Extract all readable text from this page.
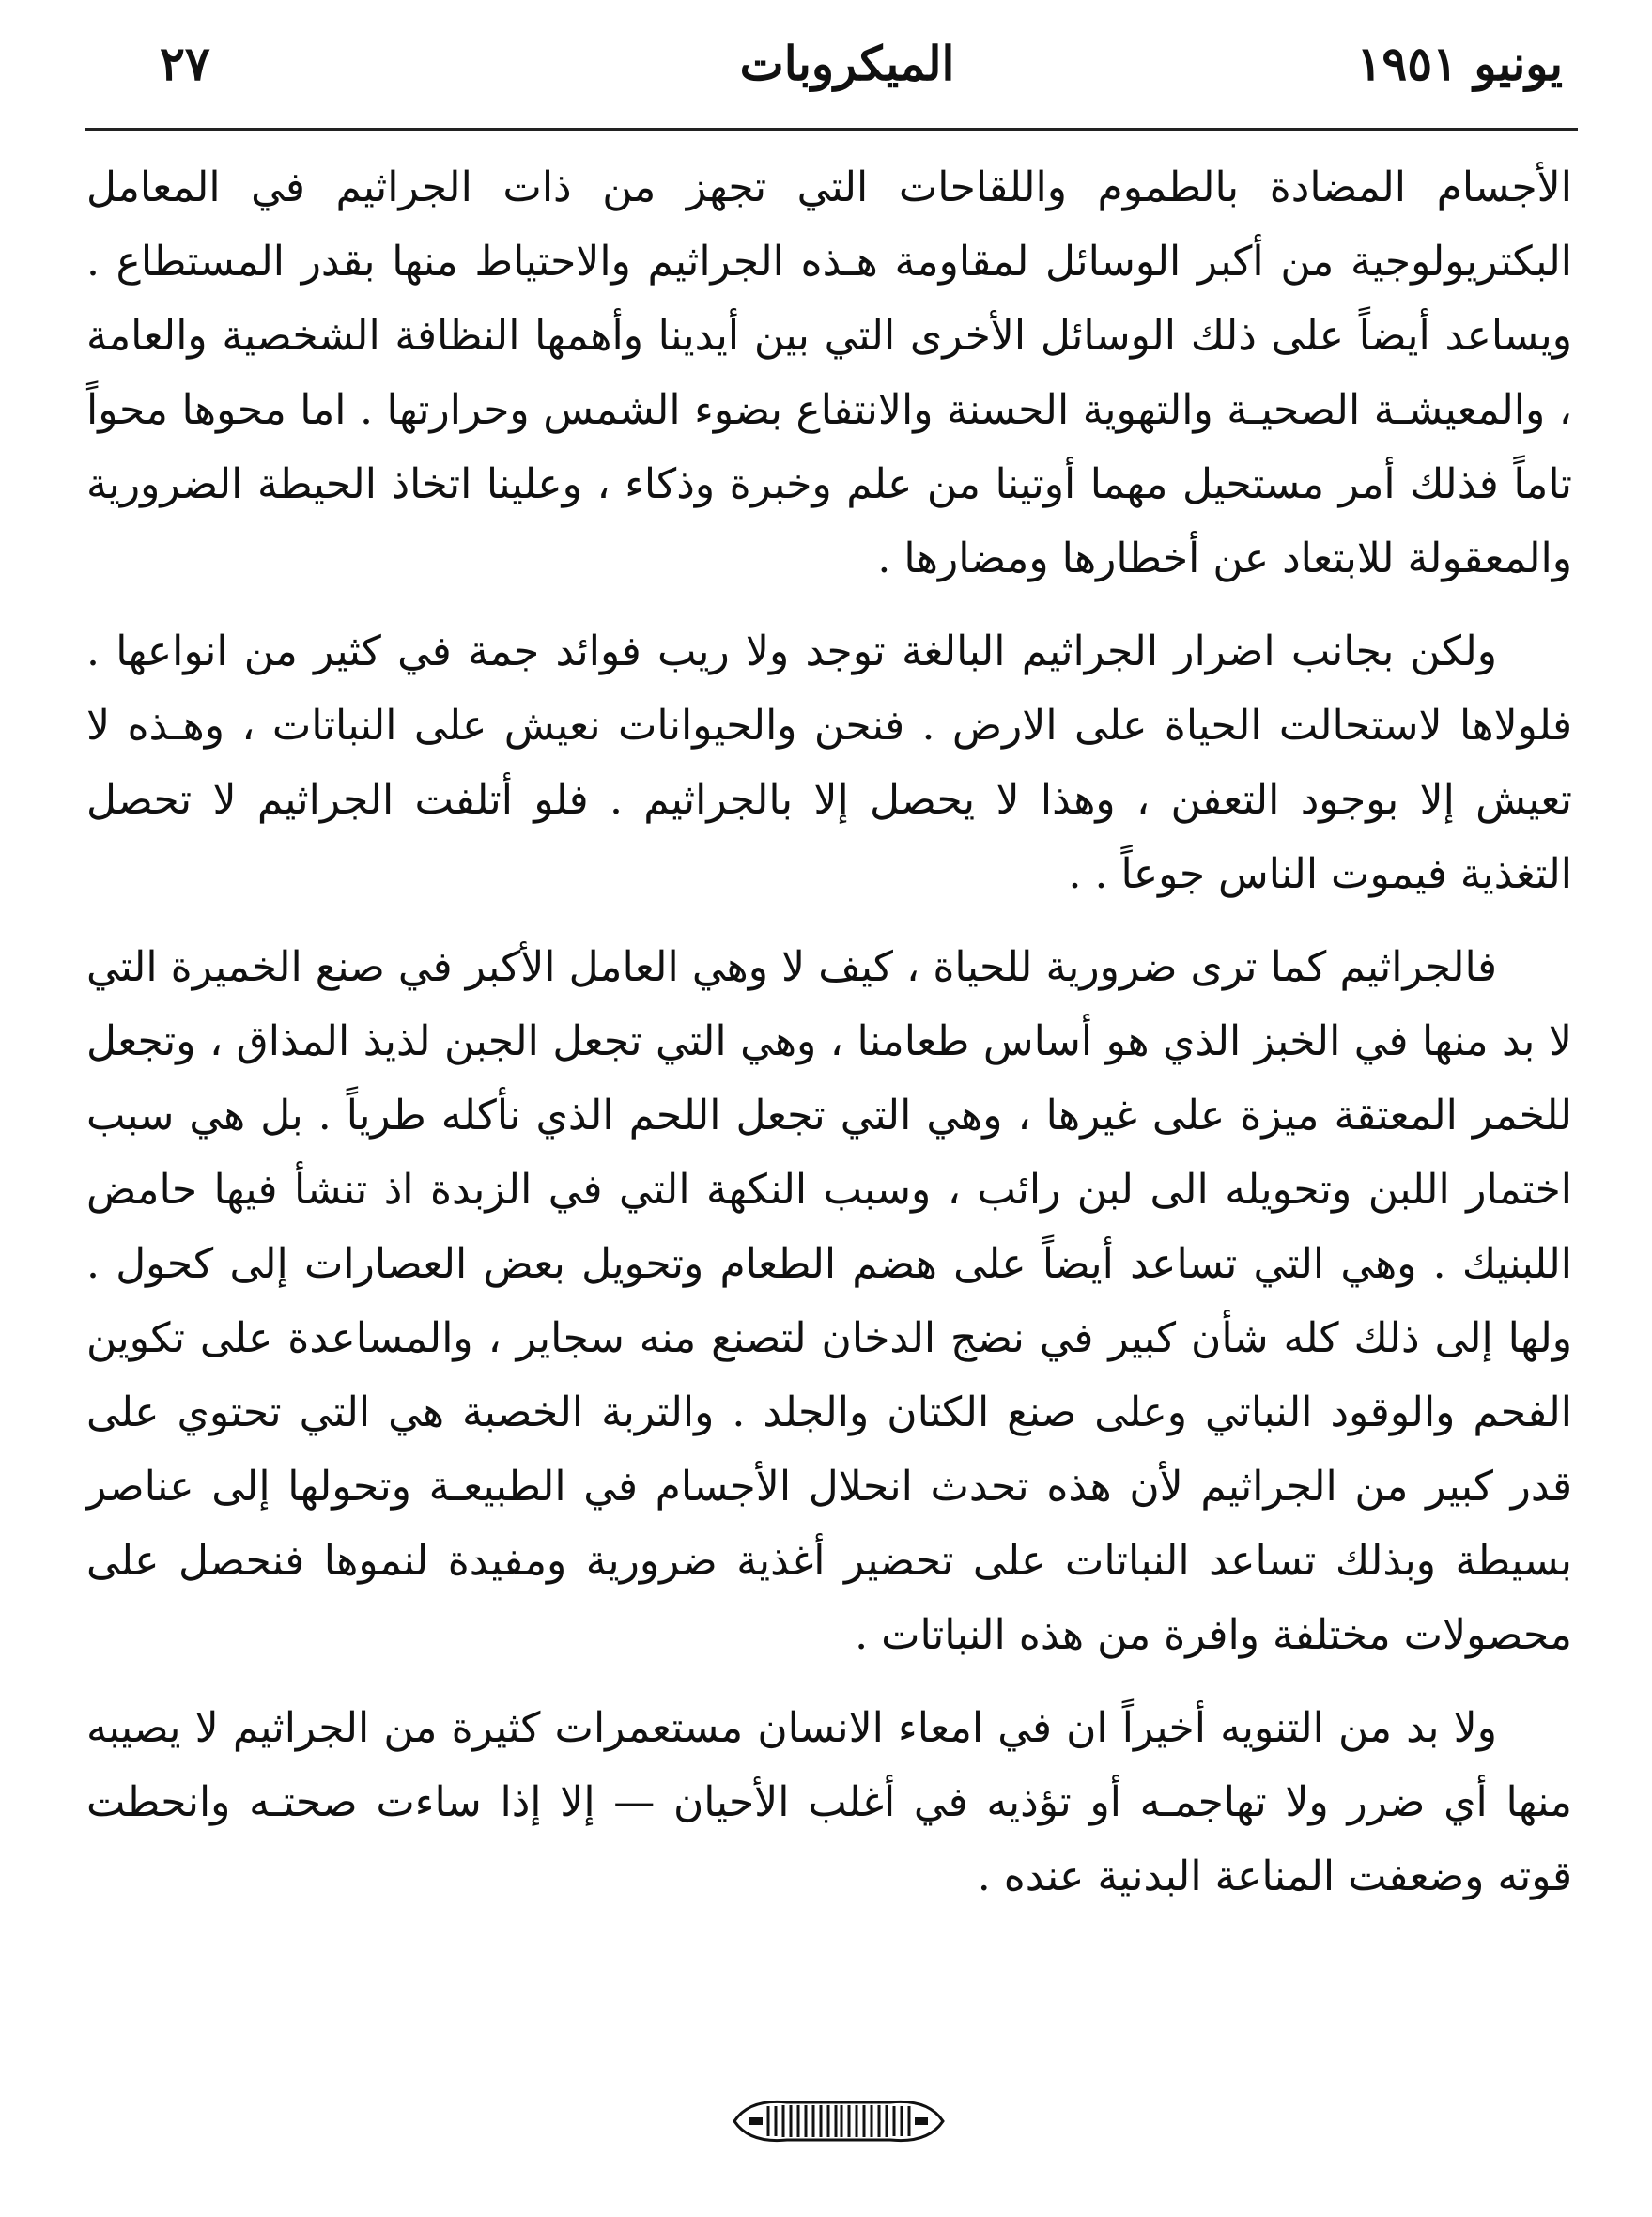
٢٧	الميكروبات	يونيو ١٩٥١

الأجسام المضادة بالطموم واللقاحات التي تجهز من ذات الجراثيم في المعامل البكتريولوجية من أكبر الوسائل لمقاومة هـذه الجراثيم والاحتياط منها بقدر المستطاع . ويساعد أيضاً على ذلك الوسائل الأخرى التي بين أيدينا وأهمها النظافة الشخصية والعامة ، والمعيشـة الصحيـة والتهوية الحسنة والانتفاع بضوء الشمس وحرارتها . اما محوها محواً تاماً فذلك أمر مستحيل مهما أوتينا من علم وخبرة وذكاء ، وعلينا اتخاذ الحيطة الضرورية والمعقولة للابتعاد عن أخطارها ومضارها .

ولكن بجانب اضرار الجراثيم البالغة توجد ولا ريب فوائد جمة في كثير من انواعها . فلولاها لاستحالت الحياة على الارض . فنحن والحيوانات نعيش على النباتات ، وهـذه لا تعيش إلا بوجود التعفن ، وهذا لا يحصل إلا بالجراثيم . فلو أتلفت الجراثيم لا تحصل التغذية فيموت الناس جوعاً . .

فالجراثيم كما ترى ضرورية للحياة ، كيف لا وهي العامل الأكبر في صنع الخميرة التي لا بد منها في الخبز الذي هو أساس طعامنا ، وهي التي تجعل الجبن لذيذ المذاق ، وتجعل للخمر المعتقة ميزة على غيرها ، وهي التي تجعل اللحم الذي نأكله طرياً . بل هي سبب اختمار اللبن وتحويله الى لبن رائب ، وسبب النكهة التي في الزبدة اذ تنشأ فيها حامض اللبنيك . وهي التي تساعد أيضاً على هضم الطعام وتحويل بعض العصارات إلى كحول . ولها إلى ذلك كله شأن كبير في نضج الدخان لتصنع منه سجاير ، والمساعدة على تكوين الفحم والوقود النباتي وعلى صنع الكتان والجلد . والتربة الخصبة هي التي تحتوي على قدر كبير من الجراثيم لأن هذه تحدث انحلال الأجسام في الطبيعـة وتحولها إلى عناصر بسيطة وبذلك تساعد النباتات على تحضير أغذية ضرورية ومفيدة لنموها فنحصل على محصولات مختلفة وافرة من هذه النباتات .

ولا بد من التنويه أخيراً ان في امعاء الانسان مستعمرات كثيرة من الجراثيم لا يصيبه منها أي ضرر ولا تهاجمـه أو تؤذيه في أغلب الأحيان — إلا إذا ساءت صحتـه وانحطت قوته وضعفت المناعة البدنية عنده .
